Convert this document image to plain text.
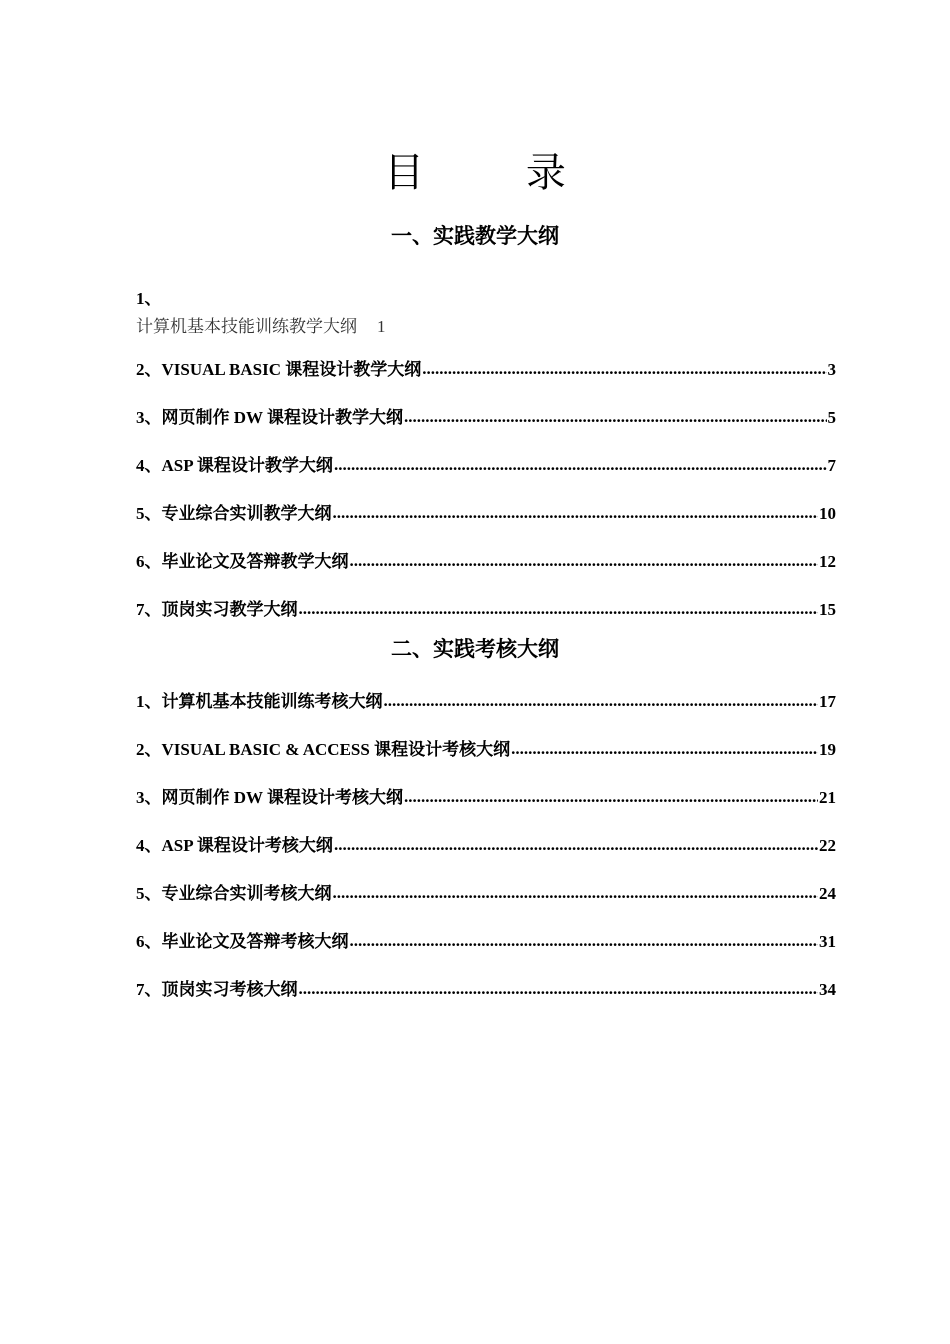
目        录
一、实践教学大纲
1、
计算机基本技能训练教学大纲 1
2、 VISUAL BASIC 课程设计教学大纲 .....	3
3、 网页制作 DW 课程设计教学大纲 .....	5
4、 ASP 课程设计教学大纲 .....	7
5、 专业综合实训教学大纲 .....	10
6、 毕业论文及答辩教学大纲 .....	12
7、 顶岗实习教学大纲 .....	15
二、实践考核大纲
1、 计算机基本技能训练考核大纲 .....	17
2、 VISUAL BASIC & ACCESS 课程设计考核大纲 .....	19
3、 网页制作 DW 课程设计考核大纲 .....	21
4、 ASP 课程设计考核大纲 .....	22
5、 专业综合实训考核大纲 .....	24
6、 毕业论文及答辩考核大纲 .....	31
7、 顶岗实习考核大纲 .....	34
